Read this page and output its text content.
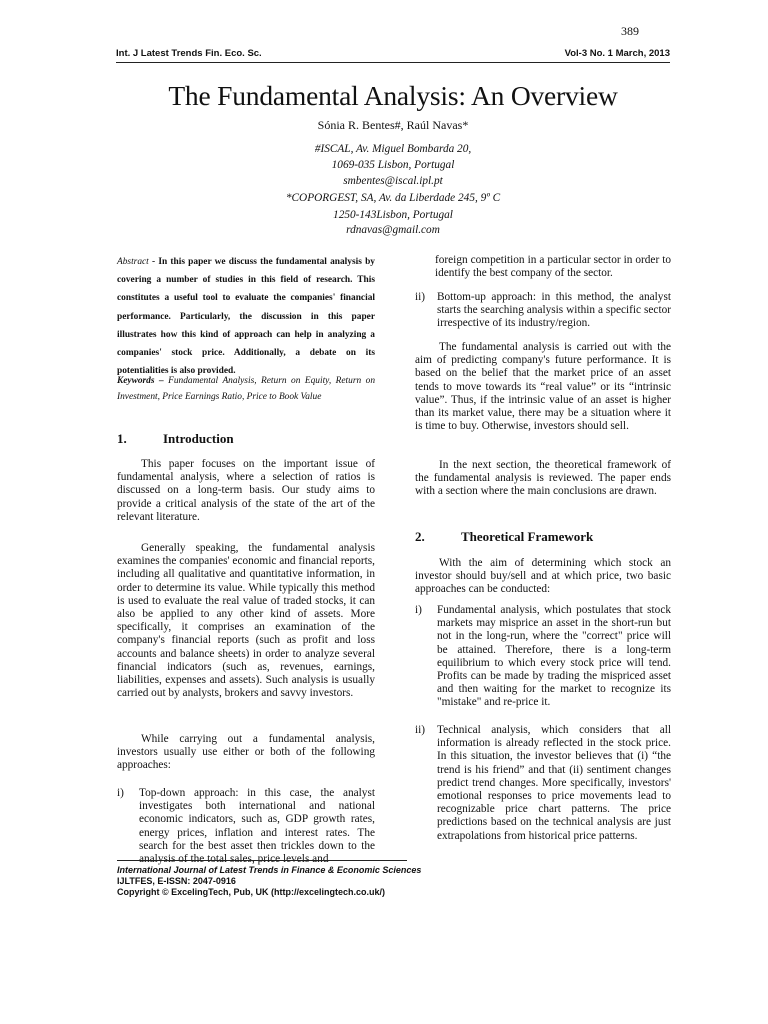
389
Int. J Latest Trends Fin. Eco. Sc.	Vol-3 No. 1 March, 2013
The Fundamental Analysis: An Overview
Sónia R. Bentes#, Raúl Navas*
#ISCAL, Av. Miguel Bombarda 20,
1069-035 Lisbon, Portugal
smbentes@iscal.ipl.pt
*COPORGEST, SA, Av. da Liberdade 245, 9º C
1250-143Lisbon, Portugal
rdnavas@gmail.com
Abstract - In this paper we discuss the fundamental analysis by covering a number of studies in this field of research. This constitutes a useful tool to evaluate the companies' financial performance. Particularly, the discussion in this paper illustrates how this kind of approach can help in analyzing a companies' stock price. Additionally, a debate on its potentialities is also provided.
Keywords – Fundamental Analysis, Return on Equity, Return on Investment, Price Earnings Ratio, Price to Book Value
1.	Introduction

This paper focuses on the important issue of fundamental analysis, where a selection of ratios is discussed on a long-term basis. Our study aims to provide a critical analysis of the state of the art of the relevant literature.

Generally speaking, the fundamental analysis examines the companies' economic and financial reports, including all qualitative and quantitative information, in order to determine its value. While typically this method is used to evaluate the real value of traded stocks, it can also be applied to any other kind of assets. More specifically, it comprises an examination of the company's financial reports (such as profit and loss accounts and balance sheets) in order to analyze several financial indicators (such as, revenues, earnings, liabilities, expenses and assets). Such analysis is usually carried out by analysts, brokers and savvy investors.

While carrying out a fundamental analysis, investors usually use either or both of the following approaches:

i)	Top-down approach: in this case, the analyst investigates both international and national economic indicators, such as, GDP growth rates, energy prices, inflation and interest rates. The search for the best asset then trickles down to the analysis of the total sales, price levels and
foreign competition in a particular sector in order to identify the best company of the sector.
ii)	Bottom-up approach: in this method, the analyst starts the searching analysis within a specific sector irrespective of its industry/region.

The fundamental analysis is carried out with the aim of predicting company's future performance. It is based on the belief that the market price of an asset tends to move towards its “real value” or its “intrinsic value”. Thus, if the intrinsic value of an asset is higher than its market value, there may be a situation where it is time to buy. Otherwise, investors should sell.

In the next section, the theoretical framework of the fundamental analysis is reviewed. The paper ends with a section where the main conclusions are drawn.

2.	Theoretical Framework

With the aim of determining which stock an investor should buy/sell and at which price, two basic approaches can be conducted:

i)	Fundamental analysis, which postulates that stock markets may misprice an asset in the short-run but not in the long-run, where the "correct" price will be attained. Therefore, there is a long-term equilibrium to which every stock price will tend. Profits can be made by trading the mispriced asset and then waiting for the market to recognize its "mistake" and re-price it.
ii)	Technical analysis, which considers that all information is already reflected in the stock price. In this situation, the investor believes that (i) “the trend is his friend” and that (ii) sentiment changes predict trend changes. More specifically, investors' emotional responses to price movements lead to recognizable price chart patterns. The price predictions based on the technical analysis are just extrapolations from historical price patterns.
International Journal of Latest Trends in Finance & Economic Sciences
IJLTFES, E-ISSN: 2047-0916
Copyright © ExcelingTech, Pub, UK (http://excelingtech.co.uk/)
